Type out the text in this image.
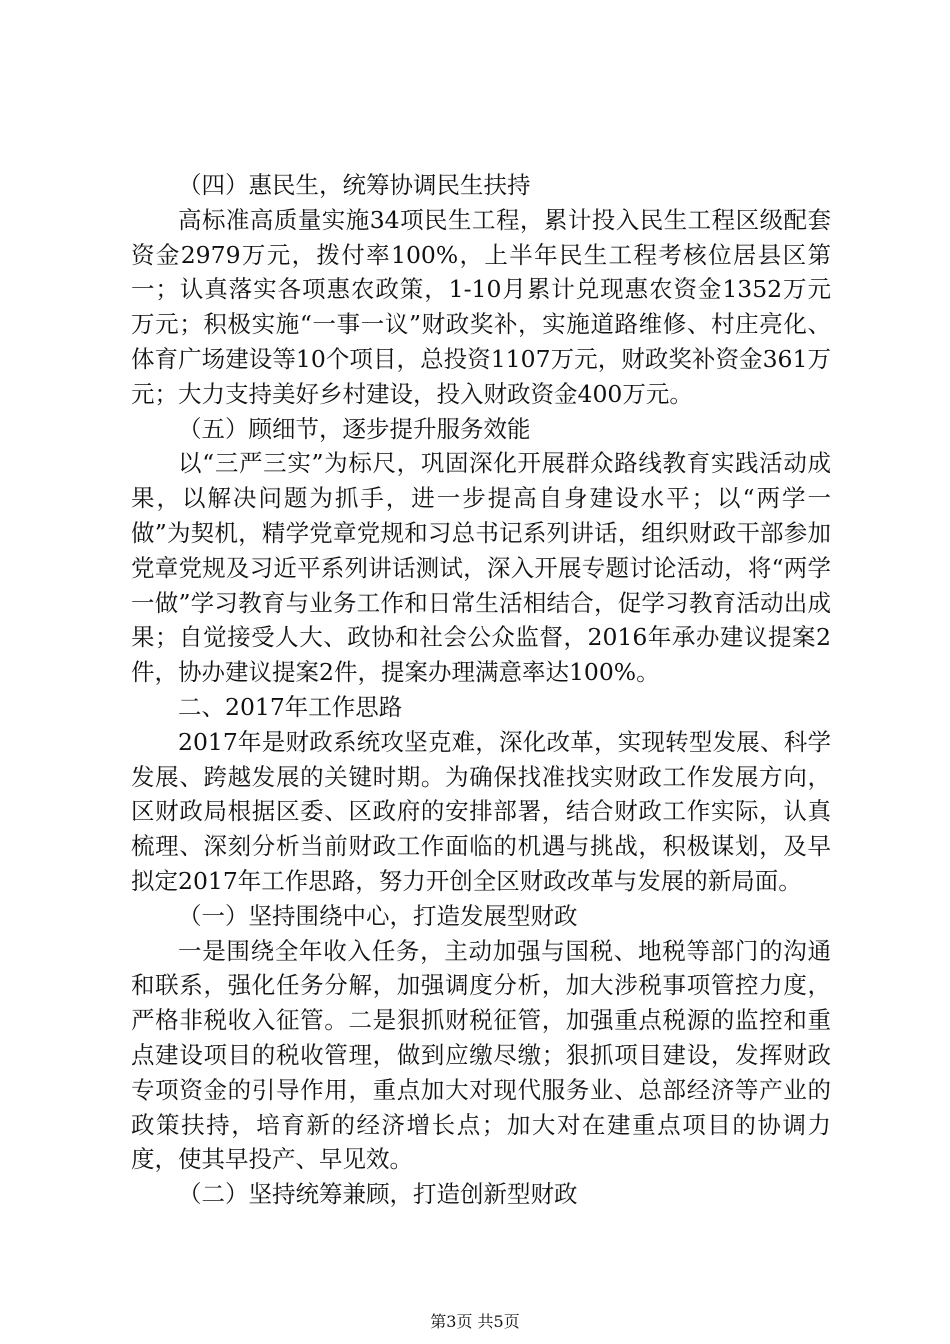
（四）惠民生，统筹协调民生扶持

高标准高质量实施34项民生工程，累计投入民生工程区级配套资金2979万元，拨付率100%，上半年民生工程考核位居县区第一；认真落实各项惠农政策，1-10月累计兑现惠农资金1352万元万元；积极实施“一事一议”财政奖补，实施道路维修、村庄亮化、体育广场建设等10个项目，总投资1107万元，财政奖补资金361万元；大力支持美好乡村建设，投入财政资金400万元。

（五）顾细节，逐步提升服务效能

以“三严三实”为标尺，巩固深化开展群众路线教育实践活动成果，以解决问题为抓手，进一步提高自身建设水平；以“两学一做”为契机，精学党章党规和习总书记系列讲话，组织财政干部参加党章党规及习近平系列讲话测试，深入开展专题讨论活动，将“两学一做”学习教育与业务工作和日常生活相结合，促学习教育活动出成果；自觉接受人大、政协和社会公众监督，2016年承办建议提案2件，协办建议提案2件，提案办理满意率达100%。

二、2017年工作思路

2017年是财政系统攻坚克难，深化改革，实现转型发展、科学发展、跨越发展的关键时期。为确保找准找实财政工作发展方向，区财政局根据区委、区政府的安排部署，结合财政工作实际，认真梳理、深刻分析当前财政工作面临的机遇与挑战，积极谋划，及早拟定2017年工作思路，努力开创全区财政改革与发展的新局面。

（一）坚持围绕中心，打造发展型财政

一是围绕全年收入任务，主动加强与国税、地税等部门的沟通和联系，强化任务分解，加强调度分析，加大涉税事项管控力度，严格非税收入征管。二是狠抓财税征管，加强重点税源的监控和重点建设项目的税收管理，做到应缴尽缴；狠抓项目建设，发挥财政专项资金的引导作用，重点加大对现代服务业、总部经济等产业的政策扶持，培育新的经济增长点；加大对在建重点项目的协调力度，使其早投产、早见效。

（二）坚持统筹兼顾，打造创新型财政

第3页 共5页
